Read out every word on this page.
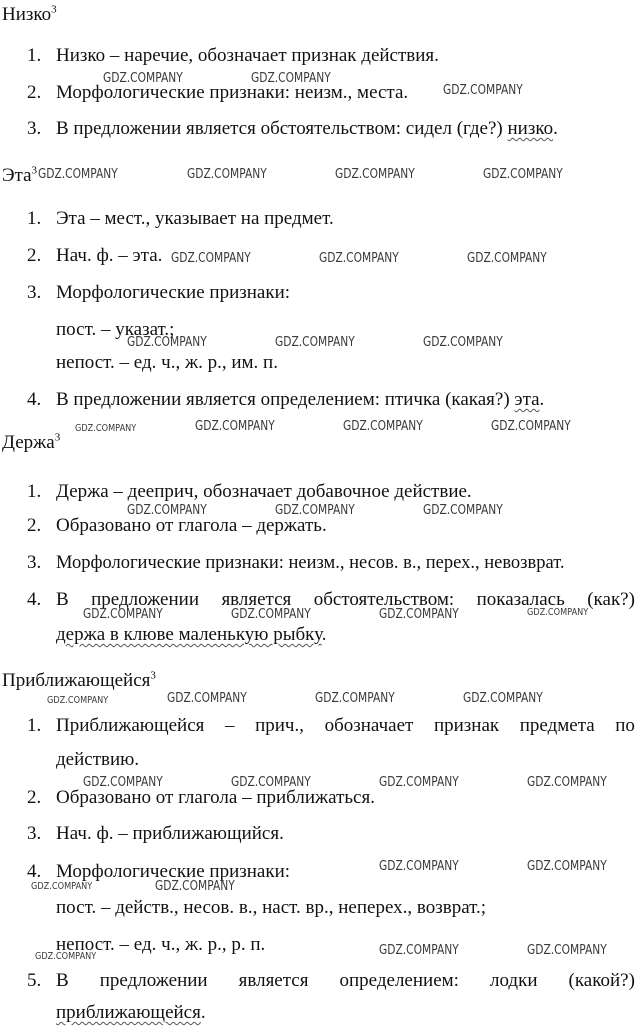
Низко$^3$
1. Низко – наречие, обозначает признак действия.
2. Морфологические признаки: неизм., места.
3. В предложении является обстоятельством: сидел (где?) низко.
Эта$^3$
1. Эта – мест., указывает на предмет.
2. Нач. ф. – эта.
3. Морфологические признаки:
пост. – указат.;
непост. – ед. ч., ж. р., им. п.
4. В предложении является определением: птичка (какая?) эта.
Держа$^3$
1. Держа – дееприч, обозначает добавочное действие.
2. Образовано от глагола – держать.
3. Морфологические признаки: неизм., несов. в., перех., невозврат.
4. В предложении является обстоятельством: показалась (как?)
держа в клюве маленькую рыбку.
Приближающейся$^3$
1. Приближающейся – прич., обозначает признак предмета по
действию.
2. Образовано от глагола – приближаться.
3. Нач. ф. – приближающийся.
4. Морфологические признаки:
пост. – действ., несов. в., наст. вр., неперех., возврат.;
непост. – ед. ч., ж. р., р. п.
5. В предложении является определением: лодки (какой?)
приближающейся.
GDZ.COMPANY	GDZ.COMPANY
GDZ.COMPANY
GDZ.COMPANY	GDZ.COMPANY	GDZ.COMPANY	GDZ.COMPANY
GDZ.COMPANY	GDZ.COMPANY	GDZ.COMPANY
GDZ.COMPANY	GDZ.COMPANY	GDZ.COMPANY
GDZ.COMPANY	GDZ.COMPANY	GDZ.COMPANY	GDZ.COMPANY
GDZ.COMPANY	GDZ.COMPANY	GDZ.COMPANY
GDZ.COMPANY	GDZ.COMPANY	GDZ.COMPANY	GDZ.COMPANY
GDZ.COMPANY	GDZ.COMPANY	GDZ.COMPANY	GDZ.COMPANY
GDZ.COMPANY	GDZ.COMPANY	GDZ.COMPANY	GDZ.COMPANY
GDZ.COMPANY	GDZ.COMPANY
GDZ.COMPANY	GDZ.COMPANY
GDZ.COMPANY	GDZ.COMPANY
GDZ.COMPANY
